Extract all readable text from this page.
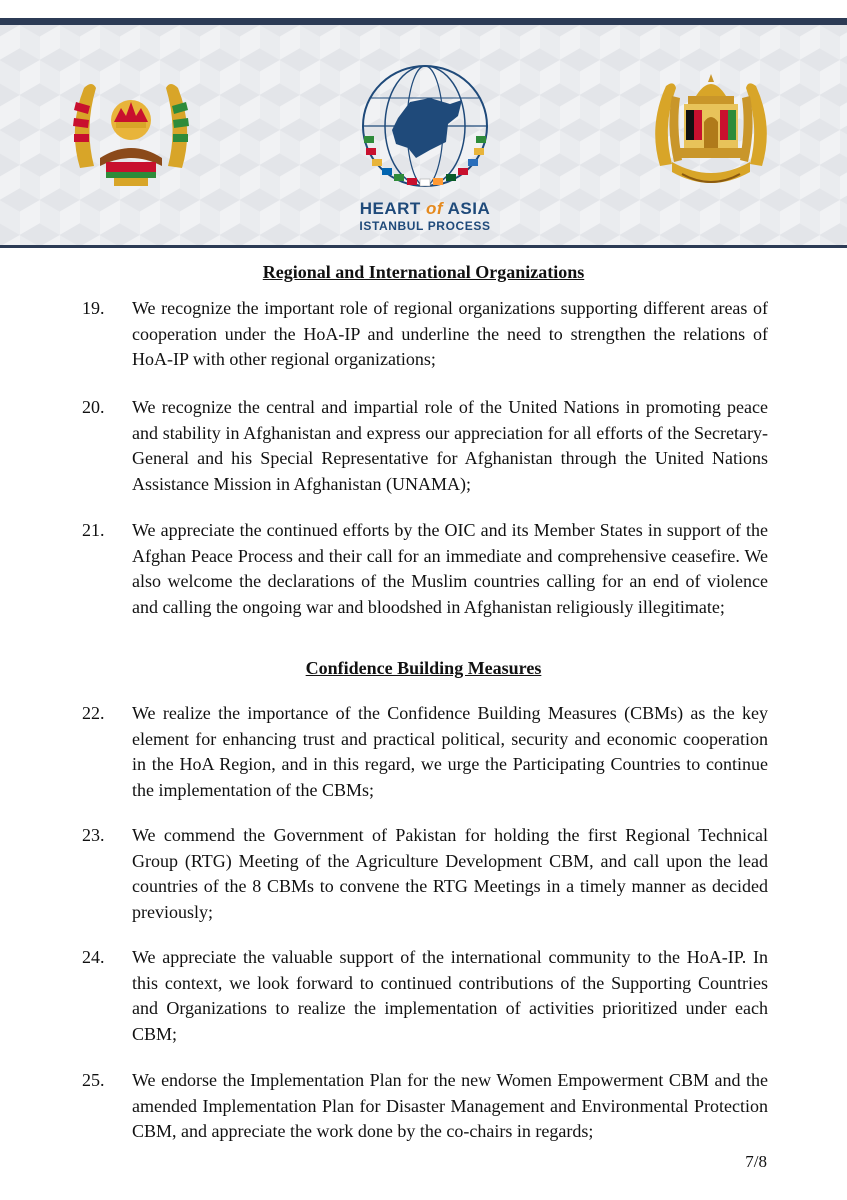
HEART of ASIA
ISTANBUL PROCESS
Regional and International Organizations
19.	We recognize the important role of regional organizations supporting different areas of cooperation under the HoA-IP and underline the need to strengthen the relations of HoA-IP with other regional organizations;
20.	We recognize the central and impartial role of the United Nations in promoting peace and stability in Afghanistan and express our appreciation for all efforts of the Secretary-General and his Special Representative for Afghanistan through the United Nations Assistance Mission in Afghanistan (UNAMA);
21.	We appreciate the continued efforts by the OIC and its Member States in support of the Afghan Peace Process and their call for an immediate and comprehensive ceasefire. We also welcome the declarations of the Muslim countries calling for an end of violence and calling the ongoing war and bloodshed in Afghanistan religiously illegitimate;
Confidence Building Measures
22.	We realize the importance of the Confidence Building Measures (CBMs) as the key element for enhancing trust and practical political, security and economic cooperation in the HoA Region, and in this regard, we urge the Participating Countries to continue the implementation of the CBMs;
23.	We commend the Government of Pakistan for holding the first Regional Technical Group (RTG) Meeting of the Agriculture Development CBM, and call upon the lead countries of the 8 CBMs to convene the RTG Meetings in a timely manner as decided previously;
24.	We appreciate the valuable support of the international community to the HoA-IP. In this context, we look forward to continued contributions of the Supporting Countries and Organizations to realize the implementation of activities prioritized under each CBM;
25.	We endorse the Implementation Plan for the new Women Empowerment CBM and the amended Implementation Plan for Disaster Management and Environmental Protection CBM, and appreciate the work done by the co-chairs in regards;
7/8
